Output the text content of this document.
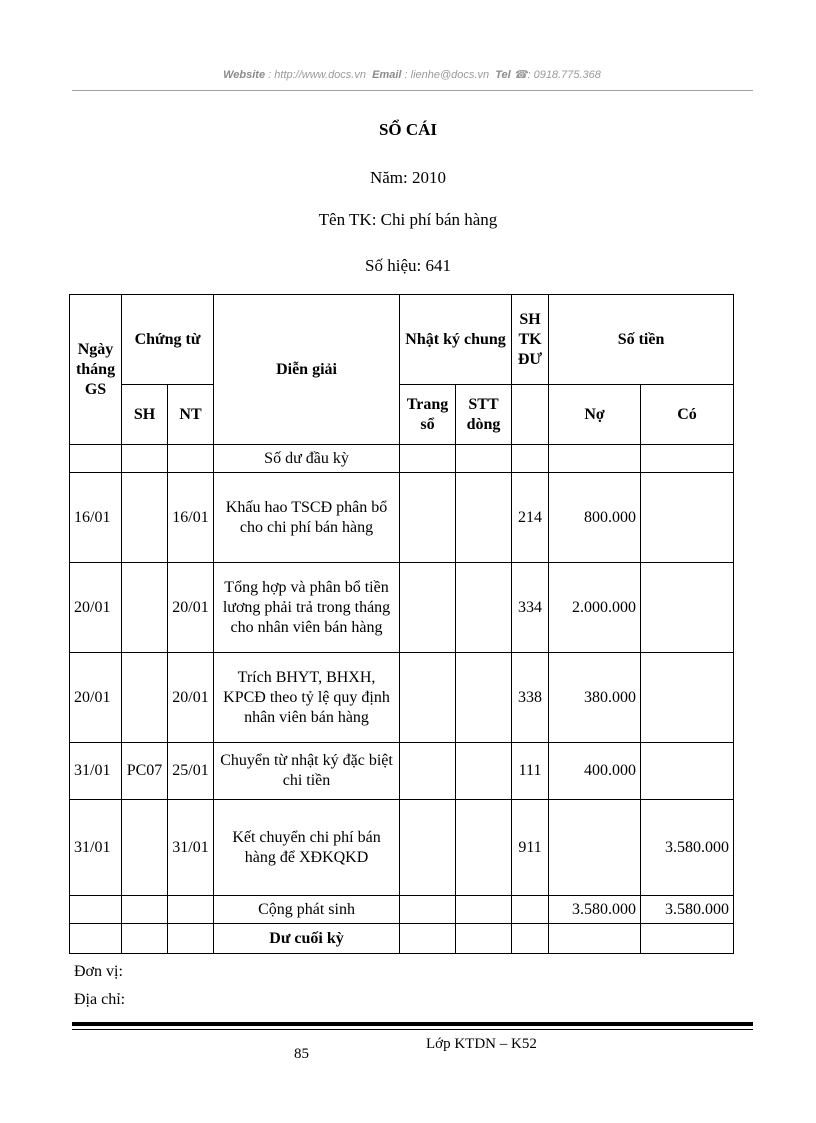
Website : http://www.docs.vn Email : lienhe@docs.vn Tel ☎: 0918.775.368
SỔ CÁI
Năm: 2010
Tên TK: Chi phí bán hàng
Số hiệu: 641
Ngày tháng GS	Chứng từ		Diễn giải	Nhật ký chung		SH TK ĐƯ	Số tiền	
	SH	NT		Trang sổ	STT dòng		Nợ	Có
			Số dư đầu kỳ					
16/01		16/01	Khấu hao TSCĐ phân bổ cho chi phí bán hàng			214	800.000	
20/01		20/01	Tổng hợp và phân bổ tiền lương phải trả trong tháng cho nhân viên bán hàng			334	2.000.000	
20/01		20/01	Trích BHYT, BHXH, KPCĐ theo tỷ lệ quy định nhân viên bán hàng			338	380.000	
31/01	PC07	25/01	Chuyển từ nhật ký đặc biệt chi tiền			111	400.000	
31/01		31/01	Kết chuyển chi phí bán hàng để XĐKQKD			911		3.580.000
			Cộng phát sinh				3.580.000	3.580.000
			Dư cuối kỳ					
Đơn vị:
Địa chỉ:
85
Lớp KTDN – K52
